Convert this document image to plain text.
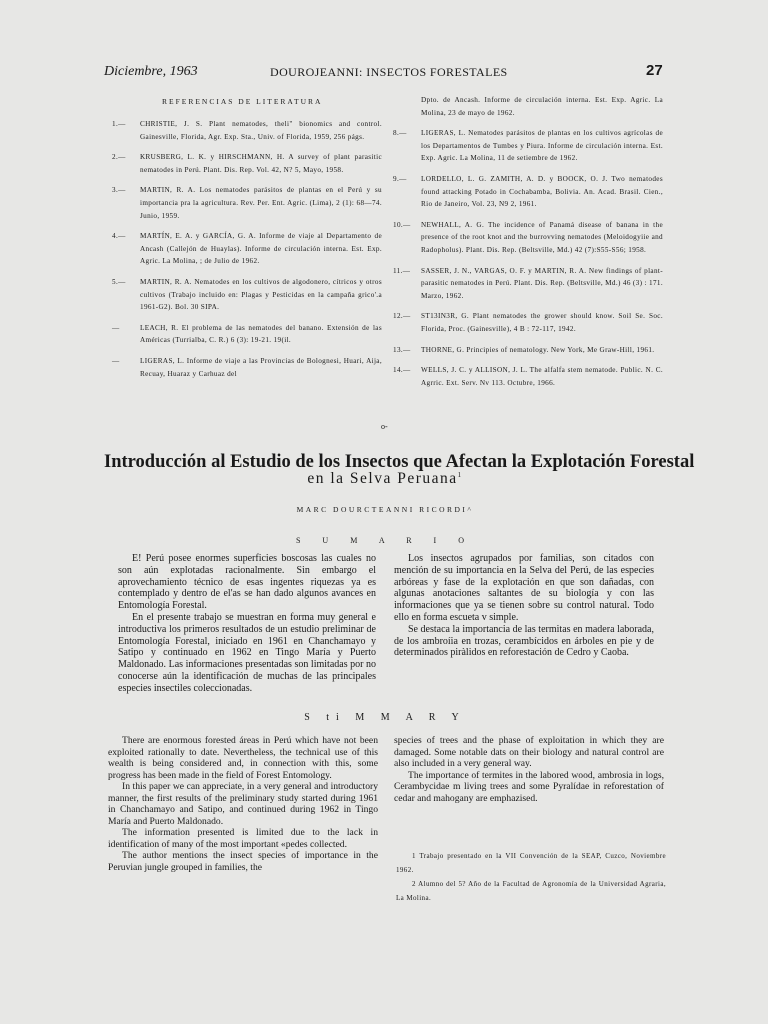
Diciembre, 1963	DOUROJEANNI: INSECTOS FORESTALES	27
REFERENCIAS DE LITERATURA
1.—	CHRISTIE, J. S. Plant nematodes, theli" bionomics and control. Gainesville, Florida, Agr. Exp. Sta., Univ. of Florida, 1959, 256 págs.
2.—	KRUSBERG, L. K. y HIRSCHMANN, H. A survey of plant parasitic nematodes in Perú. Plant. Dis. Rep. Vol. 42, N? 5, Mayo, 1958.
3.—	MARTIN, R. A. Los nematodes parásitos de plantas en el Perú y su importancia pra la agricultura. Rev. Per. Ent. Agric. (Lima), 2 (1): 68—74. Junio, 1959.
4.—	MARTÍN, E. A. y GARCÍA, G. A. Informe de viaje al Departamento de Ancash (Callejón de Huaylas). Informe de circulación interna. Est. Exp. Agric. La Molina, ; de Julio de 1962.
5.—	MARTIN, R. A. Nematodes en los cultivos de algodonero, cítricos y otros cultivos (Trabajo incluido en: Plagas y Pesticidas en la campaña grico'.a 1961-G2). Bol. 30 SIPA.
—	LEACH, R. El problema de las nematodes del banano. Extensión de las Américas (Turrialba, C. R.) 6 (3): 19-21. 19(il.
—	LIGERAS, L. Informe de viaje a las Provincias de Bolognesi, Huari, Aija, Recuay, Huaraz y Carhuaz del
Dpto. de Ancash. Informe de circulación interna. Est. Exp. Agric. La Molina, 23 de mayo de 1962.
8.—	LIGERAS, L. Nematodes parásitos de plantas en los cultivos agrícolas de los Departamentos de Tumbes y Piura. Informe de circulación interna. Est. Exp. Agric. La Molina, 11 de setiembre de 1962.
9.—	LORDELLO, L. G. ZAMITH, A. D. y BOOCK, O. J. Two nematodes found attacking Potado in Cochabamba, Bolivia. An. Acad. Brasil. Cien., Rio de Janeiro, Vol. 23, N9 2, 1961.
10.—	NEWHALL, A. G. The incidence of Panamá disease of banana in the presence of the root knot and the burrovving nematodes (Meloidogyiie and Radopholus). Plant. Dis. Rep. (Beltsville, Md.) 42 (7):S55-S56; 1958.
11.—	SASSER, J. N., VARGAS, O. F. y MARTIN, R. A. New findings of plant-parasitic nematodes in Perú. Plant. Dis. Rep. (Beltsville, Md.) 46 (3) : 171. Marzo, 1962.
12.—	ST13IN3R, G. Plant nematodes the grower should know. Soil Se. Soc. Florida, Proc. (Gainesville), 4 B : 72-117, 1942.
13.—	THORNE, G. Principies of nematology. New York, Me Graw-Hill, 1961.
14.—	WELLS, J. C. y ALLISON, J. L. The alfalfa stem nematode. Public. N. C. Agrric. Ext. Serv. Nv 113. Octubre, 1966.
o-
Introducción al Estudio de los Insectos que Afectan la Explotación Forestal
en la Selva Peruana$^1$
MARC DOURCTEANNI RICORDI^
S U M A R I O

E! Perú posee enormes superficies boscosas las cuales no son aún explotadas racionalmente. Sin embargo el aprovechamiento técnico de esas ingentes riquezas ya es contemplado y dentro de el'as se han dado algunos avances en Entomología Forestal.

En el presente trabajo se muestran en forma muy general e introductiva los primeros resultados de un estudio preliminar de Entomología Forestal, iniciado en 1961 en Chanchamayo y Satipo y continuado en 1962 en Tingo María y Puerto Maldonado. Las informaciones presentadas son limitadas por no conocerse aún la identificación de muchas de las principales especies insectiles coleccionadas.

Los insectos agrupados por familias, son citados con mención de su importancia en la Selva del Perú, de las especies arbóreas y fase de la explotación en que son dañadas, con algunas anotaciones saltantes de su biología y con las informaciones que ya se tienen sobre su control natural. Todo ello en forma escueta v simple.

Se destaca la importancia de las termitas en madera laborada, de los ambroíia en trozas, cerambícidos en árboles en pie y de determinados piràlidos en reforestación de Cedro y Caoba.

S ti M M A R Y

There are enormous forested áreas in Perú which have not been exploited rationally to date. Nevertheless, the technical use of this wealth is being considered and, in connection with this, some progress has been made in the field of Forest Entomology.

In this paper we can appreciate, in a very general and introductory manner, the first results of the preliminary study started during 1961 in Chanchamayo and Satipo, and continued during 1962 in Tingo María and Puerto Maldonado.

The information presented is limited due to the lack in identification of many of the most important «pedes collected.

The author mentions the insect species of importance in the Peruvian jungle grouped in families, the

species of trees and the phase of exploitation in which they are damaged. Some notable dats on their biology and natural control are also included in a very general way.

The importance of termites in the labored wood, ambrosia in logs, Cerambycidae m living trees and some Pyralídae in reforestation of cedar and mahogany are emphazised.

1 Trabajo presentado en la VII Convención de la SEAP, Cuzco, Noviembre 1962.

2 Alumno del 5? Año de la Facultad de Agronomía de la Universidad Agraria, La Molina.
